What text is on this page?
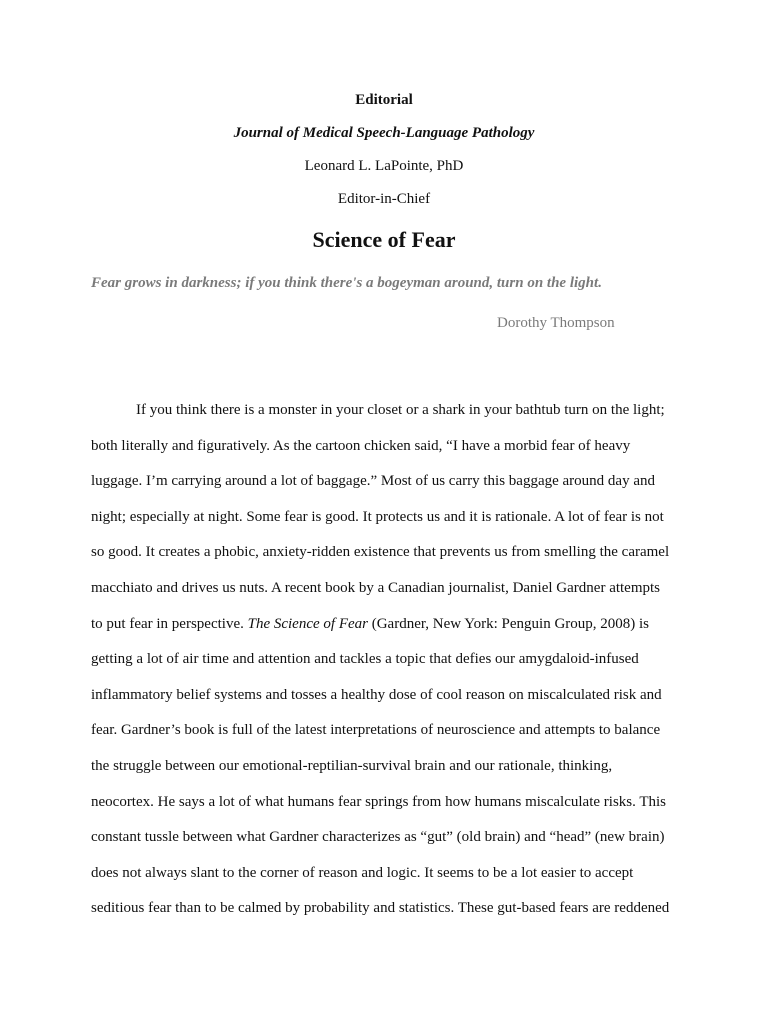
Editorial
Journal of Medical Speech-Language Pathology
Leonard L. LaPointe, PhD
Editor-in-Chief
Science of Fear
Fear grows in darkness; if you think there's a bogeyman around, turn on the light.
Dorothy Thompson

If you think there is a monster in your closet or a shark in your bathtub turn on the light;
both literally and figuratively. As the cartoon chicken said, “I have a morbid fear of heavy
luggage. I’m carrying around a lot of baggage.” Most of us carry this baggage around day and
night; especially at night. Some fear is good. It protects us and it is rationale. A lot of fear is not
so good. It creates a phobic, anxiety-ridden existence that prevents us from smelling the caramel
macchiato and drives us nuts. A recent book by a Canadian journalist, Daniel Gardner attempts
to put fear in perspective. The Science of Fear (Gardner, New York: Penguin Group, 2008) is
getting a lot of air time and attention and tackles a topic that defies our amygdaloid-infused
inflammatory belief systems and tosses a healthy dose of cool reason on miscalculated risk and
fear. Gardner’s book is full of the latest interpretations of neuroscience and attempts to balance
the struggle between our emotional-reptilian-survival brain and our rationale, thinking,
neocortex. He says a lot of what humans fear springs from how humans miscalculate risks. This
constant tussle between what Gardner characterizes as “gut” (old brain) and “head” (new brain)
does not always slant to the corner of reason and logic. It seems to be a lot easier to accept
seditious fear than to be calmed by probability and statistics. These gut-based fears are reddened
